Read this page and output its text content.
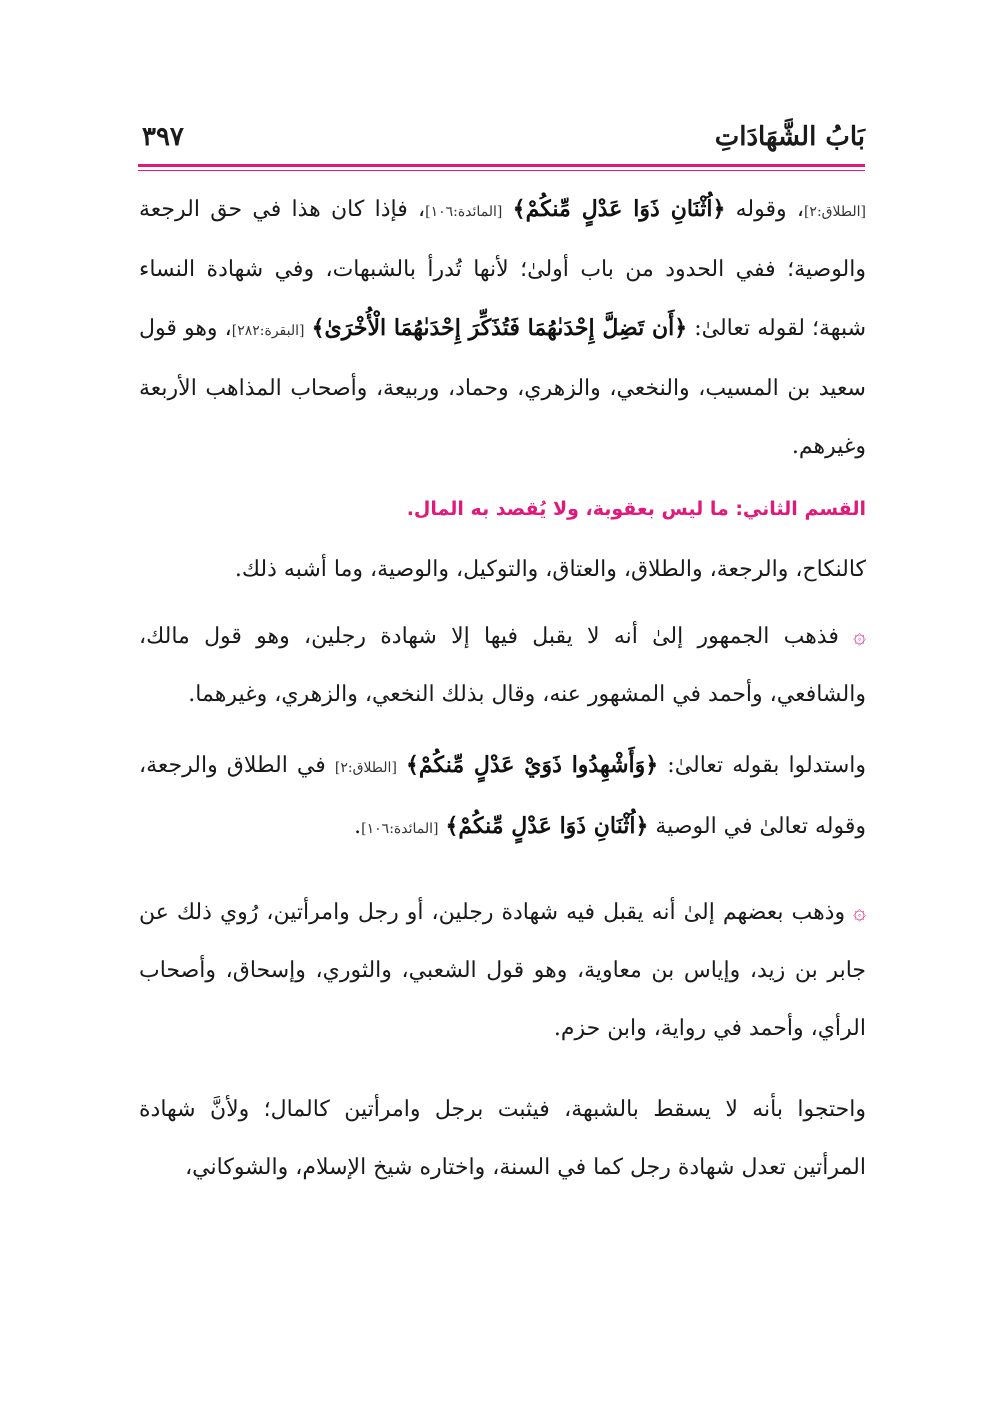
بَابُ الشَّهَادَاتِ
٣٩٧

[الطلاق:٢]، وقوله ﴿اُثْنَانِ ذَوَا عَدْلٍ مِّنكُمْ﴾ [المائدة:١٠٦]، فإذا كان هذا في حق الرجعة والوصية؛ ففي الحدود من باب أولىٰ؛ لأنها تُدرأ بالشبهات، وفي شهادة النساء شبهة؛ لقوله تعالىٰ: ﴿أَن تَضِلَّ إِحْدَىٰهُمَا فَتُذَكِّرَ إِحْدَىٰهُمَا الْأُخْرَىٰ﴾ [البقرة:٢٨٢]، وهو قول سعيد بن المسيب، والنخعي، والزهري، وحماد، وربيعة، وأصحاب المذاهب الأربعة وغيرهم.

القسم الثاني: ما ليس بعقوبة، ولا يُقصد به المال.

كالنكاح، والرجعة، والطلاق، والعتاق، والتوكيل، والوصية، وما أشبه ذلك.

۞ فذهب الجمهور إلىٰ أنه لا يقبل فيها إلا شهادة رجلين، وهو قول مالك، والشافعي، وأحمد في المشهور عنه، وقال بذلك النخعي، والزهري، وغيرهما.

واستدلوا بقوله تعالىٰ: ﴿وَأَشْهِدُوا ذَوَيْ عَدْلٍ مِّنكُمْ﴾ [الطلاق:٢] في الطلاق والرجعة، وقوله تعالىٰ في الوصية ﴿اُثْنَانِ ذَوَا عَدْلٍ مِّنكُمْ﴾ [المائدة:١٠٦].

۞ وذهب بعضهم إلىٰ أنه يقبل فيه شهادة رجلين، أو رجل وامرأتين، رُوي ذلك عن جابر بن زيد، وإياس بن معاوية، وهو قول الشعبي، والثوري، وإسحاق، وأصحاب الرأي، وأحمد في رواية، وابن حزم.

واحتجوا بأنه لا يسقط بالشبهة، فيثبت برجل وامرأتين كالمال؛ ولأنَّ شهادة المرأتين تعدل شهادة رجل كما في السنة، واختاره شيخ الإسلام، والشوكاني،
